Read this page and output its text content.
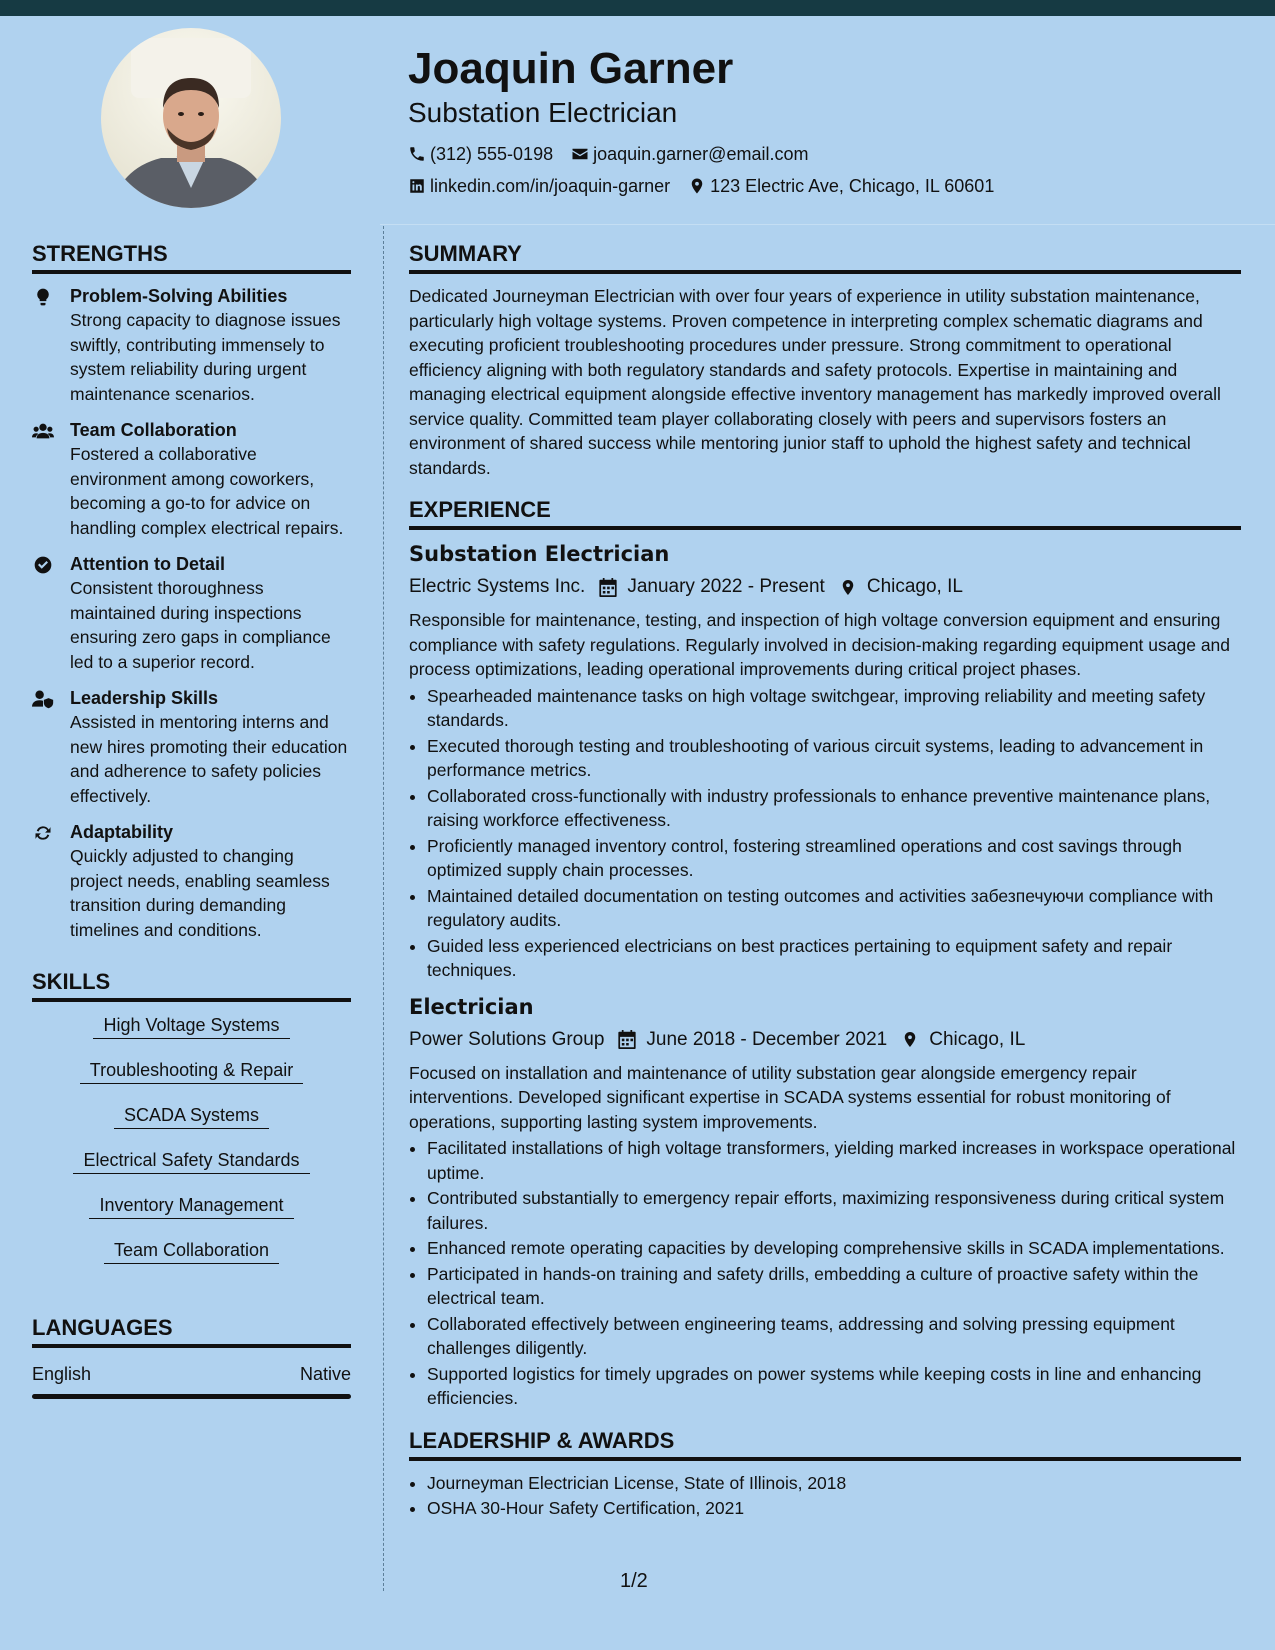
Joaquin Garner
Substation Electrician
(312) 555-0198 joaquin.garner@email.com
linkedin.com/in/joaquin-garner 123 Electric Ave, Chicago, IL 60601
STRENGTHS
Problem-Solving Abilities
Strong capacity to diagnose issues swiftly, contributing immensely to system reliability during urgent maintenance scenarios.
Team Collaboration
Fostered a collaborative environment among coworkers, becoming a go-to for advice on handling complex electrical repairs.
Attention to Detail
Consistent thoroughness maintained during inspections ensuring zero gaps in compliance led to a superior record.
Leadership Skills
Assisted in mentoring interns and new hires promoting their education and adherence to safety policies effectively.
Adaptability
Quickly adjusted to changing project needs, enabling seamless transition during demanding timelines and conditions.
SKILLS
High Voltage Systems
Troubleshooting & Repair
SCADA Systems
Electrical Safety Standards
Inventory Management
Team Collaboration
LANGUAGES
English	Native
SUMMARY

Dedicated Journeyman Electrician with over four years of experience in utility substation maintenance, particularly high voltage systems. Proven competence in interpreting complex schematic diagrams and executing proficient troubleshooting procedures under pressure. Strong commitment to operational efficiency aligning with both regulatory standards and safety protocols. Expertise in maintaining and managing electrical equipment alongside effective inventory management has markedly improved overall service quality. Committed team player collaborating closely with peers and supervisors fosters an environment of shared success while mentoring junior staff to uphold the highest safety and technical standards.

EXPERIENCE
Substation Electrician
Electric Systems Inc. January 2022 - Present Chicago, IL

Responsible for maintenance, testing, and inspection of high voltage conversion equipment and ensuring compliance with safety regulations. Regularly involved in decision-making regarding equipment usage and process optimizations, leading operational improvements during critical project phases.

• Spearheaded maintenance tasks on high voltage switchgear, improving reliability and meeting safety standards.
• Executed thorough testing and troubleshooting of various circuit systems, leading to advancement in performance metrics.
• Collaborated cross-functionally with industry professionals to enhance preventive maintenance plans, raising workforce effectiveness.
• Proficiently managed inventory control, fostering streamlined operations and cost savings through optimized supply chain processes.
• Maintained detailed documentation on testing outcomes and activities забезпечуючи compliance with regulatory audits.
• Guided less experienced electricians on best practices pertaining to equipment safety and repair techniques.
Electrician
Power Solutions Group June 2018 - December 2021 Chicago, IL

Focused on installation and maintenance of utility substation gear alongside emergency repair interventions. Developed significant expertise in SCADA systems essential for robust monitoring of operations, supporting lasting system improvements.

• Facilitated installations of high voltage transformers, yielding marked increases in workspace operational uptime.
• Contributed substantially to emergency repair efforts, maximizing responsiveness during critical system failures.
• Enhanced remote operating capacities by developing comprehensive skills in SCADA implementations.
• Participated in hands-on training and safety drills, embedding a culture of proactive safety within the electrical team.
• Collaborated effectively between engineering teams, addressing and solving pressing equipment challenges diligently.
• Supported logistics for timely upgrades on power systems while keeping costs in line and enhancing efficiencies.
LEADERSHIP & AWARDS
• Journeyman Electrician License, State of Illinois, 2018
• OSHA 30-Hour Safety Certification, 2021
1/2
